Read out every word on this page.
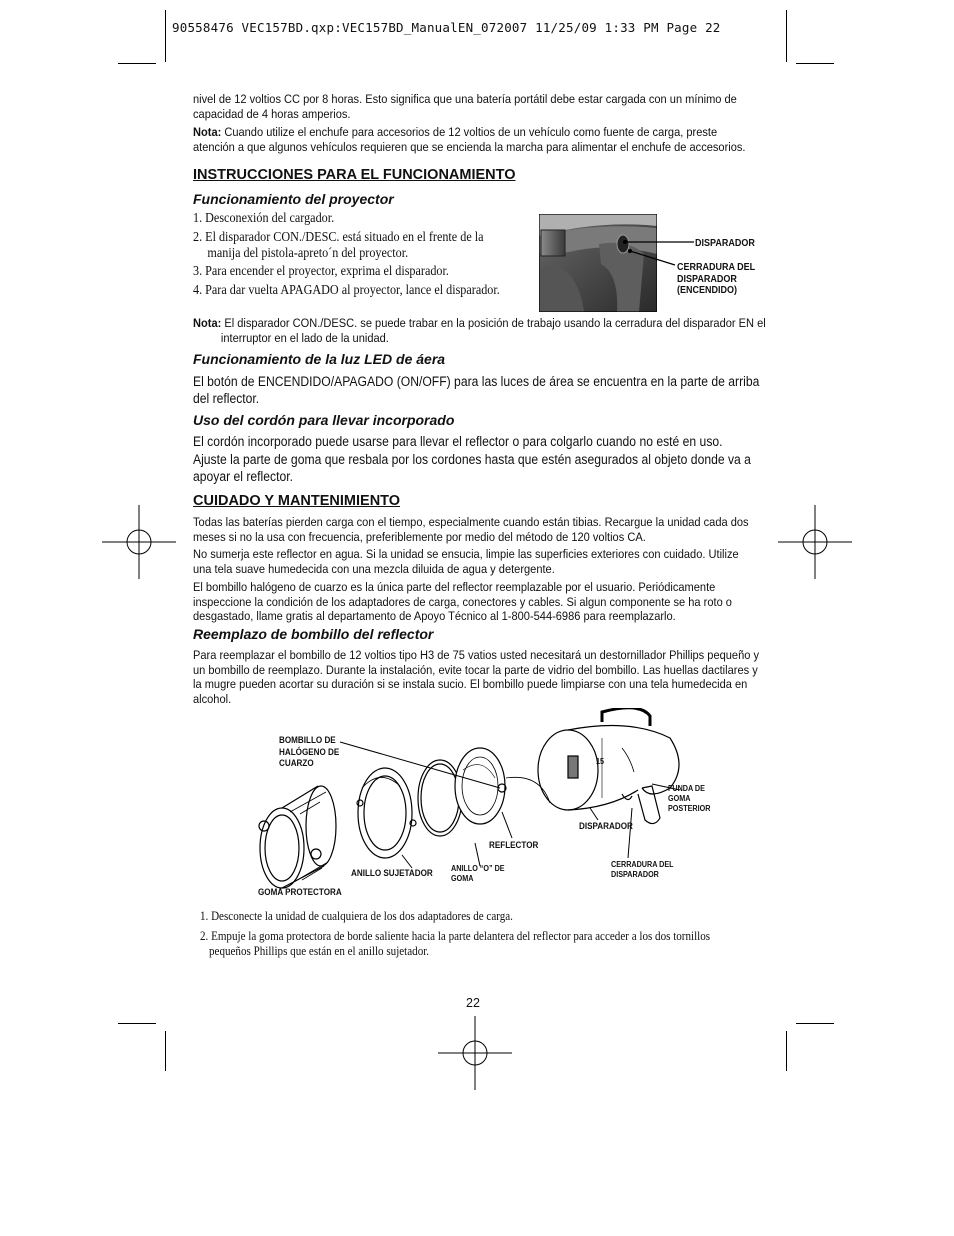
90558476 VEC157BD.qxp:VEC157BD_ManualEN_072007 11/25/09 1:33 PM Page 22

nivel de 12 voltios CC por 8 horas. Esto significa que una batería portátil debe estar cargada con un mínimo de capacidad de 4 horas amperios.

Nota: Cuando utilize el enchufe para accesorios de 12 voltios de un vehículo como fuente de carga, preste atención a que algunos vehículos requieren que se encienda la marcha para alimentar el enchufe de accesorios.

INSTRUCCIONES PARA EL FUNCIONAMIENTO
Funcionamiento del proyector
1. Desconexión del cargador.
2. El disparador CON./DESC. está situado en el frente de la manija del pistola-apreto´n del proyector.
3. Para encender el proyector, exprima el disparador.
4. Para dar vuelta APAGADO al proyector, lance el disparador.
DISPARADOR
CERRADURA DEL DISPARADOR (ENCENDIDO)

Nota: El disparador CON./DESC. se puede trabar en la posición de trabajo usando la cerradura del disparador EN el interruptor en el lado de la unidad.

Funcionamiento de la luz LED de áera

El botón de ENCENDIDO/APAGADO (ON/OFF) para las luces de área se encuentra en la parte de arriba del reflector.

Uso del cordón para llevar incorporado

El cordón incorporado puede usarse para llevar el reflector o para colgarlo cuando no esté en uso.

Ajuste la parte de goma que resbala por los cordones hasta que estén asegurados al objeto donde va a apoyar el reflector.

CUIDADO Y MANTENIMIENTO

Todas las baterías pierden carga con el tiempo, especialmente cuando están tibias. Recargue la unidad cada dos meses si no la usa con frecuencia, preferiblemente por medio del método de 120 voltios CA.

No sumerja este reflector en agua. Si la unidad se ensucia, limpie las superficies exteriores con cuidado. Utilize una tela suave humedecida con una mezcla diluida de agua y detergente.

El bombillo halógeno de cuarzo es la única parte del reflector reemplazable por el usuario. Periódicamente inspeccione la condición de los adaptadores de carga, conectores y cables. Si algun componente se ha roto o desgastado, llame gratis al departamento de Apoyo Técnico al 1-800-544-6986 para reemplazarlo.

Reemplazo de bombillo del reflector

Para reemplazar el bombillo de 12 voltios tipo H3 de 75 vatios usted necesitará un destornillador Phillips pequeño y un bombillo de reemplazo. Durante la instalación, evite tocar la parte de vidrio del bombillo. Las huellas dactilares y la mugre pueden acortar su duración si se instala sucio. El bombillo puede limpiarse con una tela humedecida en alcohol.

BOMBILLO DE HALÓGENO DE CUARZO
ANILLO SUJETADOR
GOMA PROTECTORA
ANILLO “O” DE GOMA
REFLECTOR
DISPARADOR
FUNDA DE GOMA POSTERIOR
CERRADURA DEL DISPARADOR
15

1. Desconecte la unidad de cualquiera de los dos adaptadores de carga.

2. Empuje la goma protectora de borde saliente hacia la parte delantera del reflector para acceder a los dos tornillos pequeños Phillips que están en el anillo sujetador.

22
